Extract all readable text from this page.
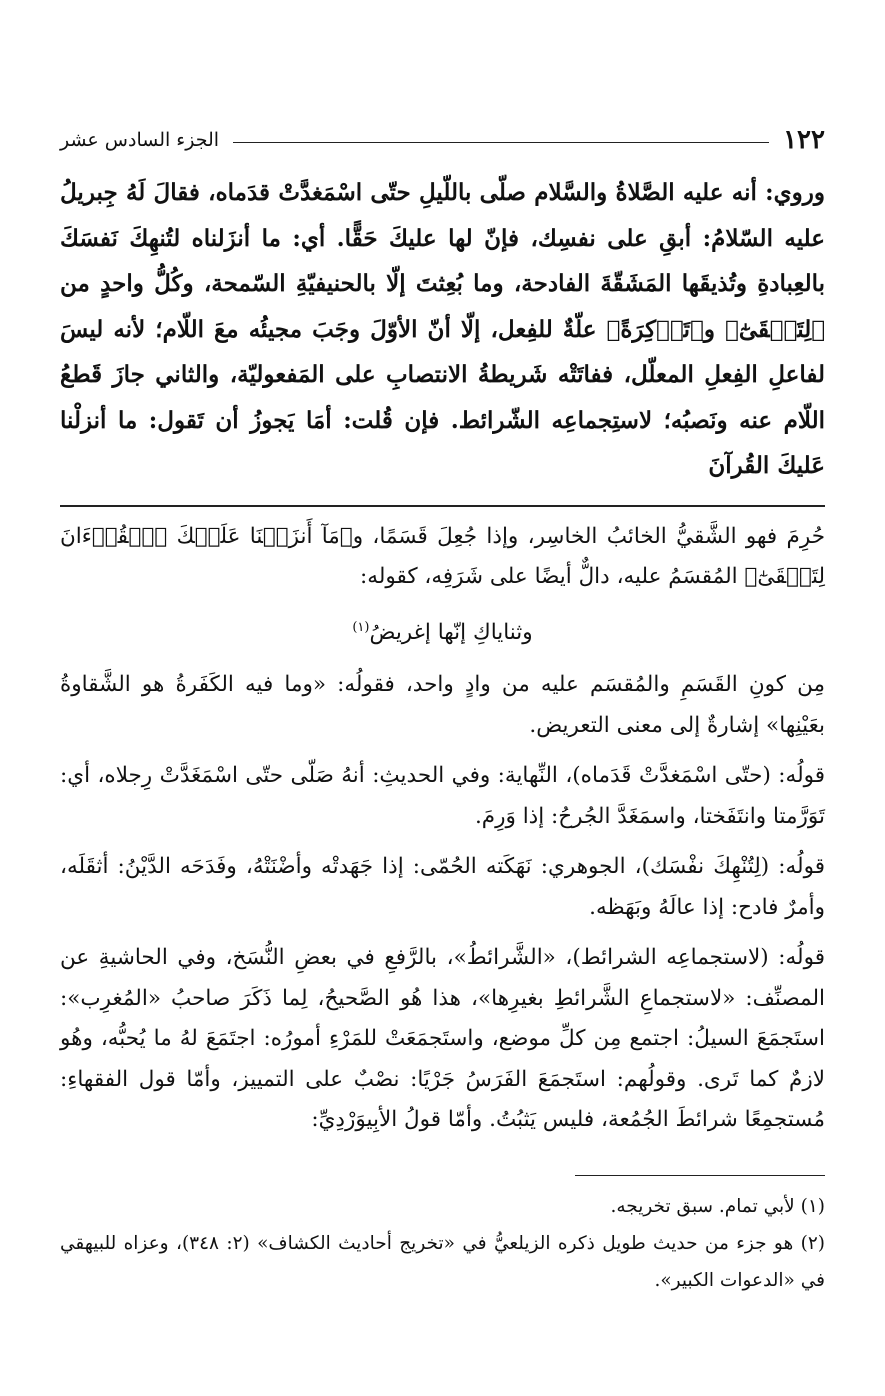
١٢٢
الجزء السادس عشر
وروي: أنه عليه الصَّلاةُ والسَّلام صلّى باللّيلِ حتّى اسْمَغدَّتْ قدَماه، فقالَ لَهُ جِبريلُ عليه السّلامُ: أبقِ على نفسِك، فإنّ لها عليكَ حَقًّا. أي: ما أنزَلناه لتُنهِكَ نَفسَكَ بالعِبادةِ وتُذيقَها المَشَقّةَ الفادحة، وما بُعِثتَ إلّا بالحنيفيّةِ السّمحة، وكُلُّ واحدٍ من ﴿لِتَشۡقَىٰٓ﴾ و﴿تَذۡكِرَةً﴾ علّةٌ للفِعل، إلّا أنّ الأوّلَ وجَبَ مجيئُه معَ اللّام؛ لأنه ليسَ لفاعلِ الفِعلِ المعلّل، ففاتَتْه شَريطةُ الانتصابِ على المَفعوليّة، والثاني جازَ قَطعُ اللّام عنه ونَصبُه؛ لاستِجماعِه الشّرائط. فإن قُلت: أمَا يَجوزُ أن تَقول: ما أنزلْنا عَليكَ القُرآنَ

حُرِمَ فهو الشَّقيُّ الخائبُ الخاسِر، وإذا جُعِلَ قَسَمًا، و﴿مَآ أَنزَلۡنَا عَلَيۡكَ ٱلۡقُرۡءَانَ لِتَشۡقَىٰٓ﴾ المُقسَمُ عليه، دالٌّ أيضًا على شَرَفِه، كقوله:

وثناياكِ إنّها إغريضُ$^{(١)}$

مِن كونِ القَسَمِ والمُقسَم عليه من وادٍ واحد، فقولُه: «وما فيه الكَفَرةُ هو الشَّقاوةُ بعَيْنِها» إشارةٌ إلى معنى التعريض.

قولُه: (حتّى اسْمَغدَّتْ قَدَماه)، النِّهاية: وفي الحديثِ: أنهُ صَلّى حتّى اسْمَغَدَّتْ رِجلاه، أي: تَوَرَّمتا وانتَفَختا، واسمَغَدَّ الجُرحُ: إذا وَرِمَ.

قولُه: (لِتُنْهِكَ نفْسَك)، الجوهري: نَهَكَته الحُمّى: إذا جَهَدتْه وأضْنَتْهُ، وفَدَحَه الدَّيْنُ: أثقَلَه، وأمرٌ فادح: إذا عالَهُ وبَهَظه.

قولُه: (لاستجماعِه الشرائط)، «الشَّرائطُ»، بالرَّفعِ في بعضِ النُّسَخ، وفي الحاشيةِ عن المصنِّف: «لاستجماعِ الشَّرائطِ بغيرِها»، هذا هُو الصَّحيحُ، لِما ذَكَرَ صاحبُ «المُغرِب»: استَجمَعَ السيلُ: اجتمع مِن كلِّ موضع، واستَجمَعَتْ للمَرْءِ أمورُه: اجتَمَعَ لهُ ما يُحبُّه، وهُو لازمٌ كما تَرى. وقولُهم: استَجمَعَ الفَرَسُ جَرْيًا: نصْبٌ على التمييز، وأمّا قول الفقهاءِ: مُستجمِعًا شرائطَ الجُمُعة، فليس يَثبُتُ. وأمّا قولُ الأبِيوَرْدِيِّ:

(١) لأبي تمام. سبق تخريجه.

(٢) هو جزء من حديث طويل ذكره الزيلعيُّ في «تخريج أحاديث الكشاف» (٢: ٣٤٨)، وعزاه للبيهقي في «الدعوات الكبير».
